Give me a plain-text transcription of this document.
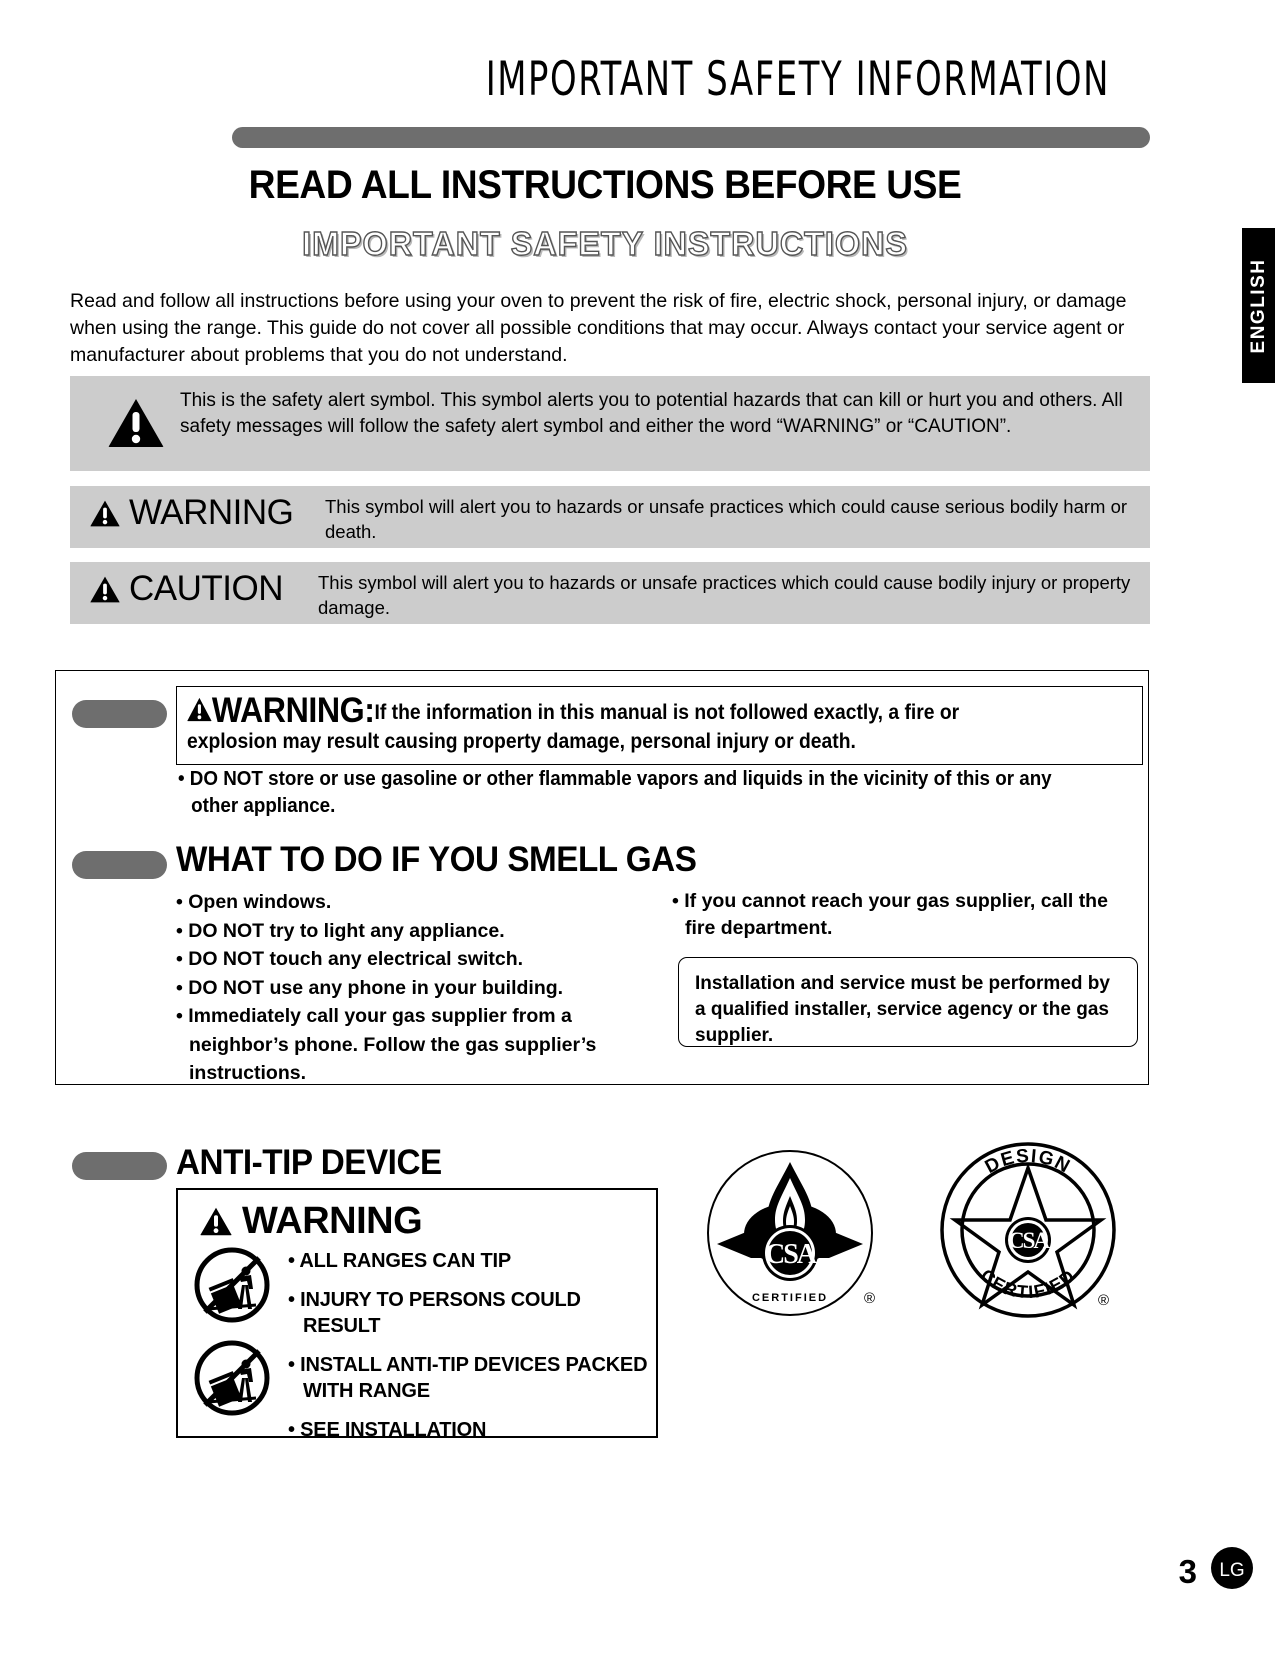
IMPORTANT SAFETY INFORMATION
READ ALL INSTRUCTIONS BEFORE USE
IMPORTANT SAFETY INSTRUCTIONS
ENGLISH
Read and follow all instructions before using your oven to prevent the risk of fire, electric shock, personal injury, or damage when using the range. This guide do not cover all possible conditions that may occur. Always contact your service agent or manufacturer about problems that you do not understand.
This is the safety alert symbol. This symbol alerts you to potential hazards that can kill or hurt you and others. All safety messages will follow the safety alert symbol and either the word “WARNING” or “CAUTION”.
WARNING This symbol will alert you to hazards or unsafe practices which could cause serious bodily harm or death.
CAUTION This symbol will alert you to hazards or unsafe practices which could cause bodily injury or property damage.
WARNING:If the information in this manual is not followed exactly, a fire or
explosion may result causing property damage, personal injury or death.
• DO NOT store or use gasoline or other flammable vapors and liquids in the vicinity of this or any
other appliance.
WHAT TO DO IF YOU SMELL GAS
• Open windows.
• DO NOT try to light any appliance.
• DO NOT touch any electrical switch.
• DO NOT use any phone in your building.
• Immediately call your gas supplier from a
neighbor’s phone. Follow the gas supplier’s
instructions.
• If you cannot reach your gas supplier, call the
fire department.
Installation and service must be performed by a qualified installer, service agency or the gas supplier.
ANTI-TIP DEVICE
WARNING
• ALL RANGES CAN TIP
• INJURY TO PERSONS COULD RESULT
• INSTALL ANTI-TIP DEVICES PACKED WITH RANGE
• SEE INSTALLATION
CSA
CERTIFIED ®
DESIGN
CERTIFIED
CSA
®
3 LG
